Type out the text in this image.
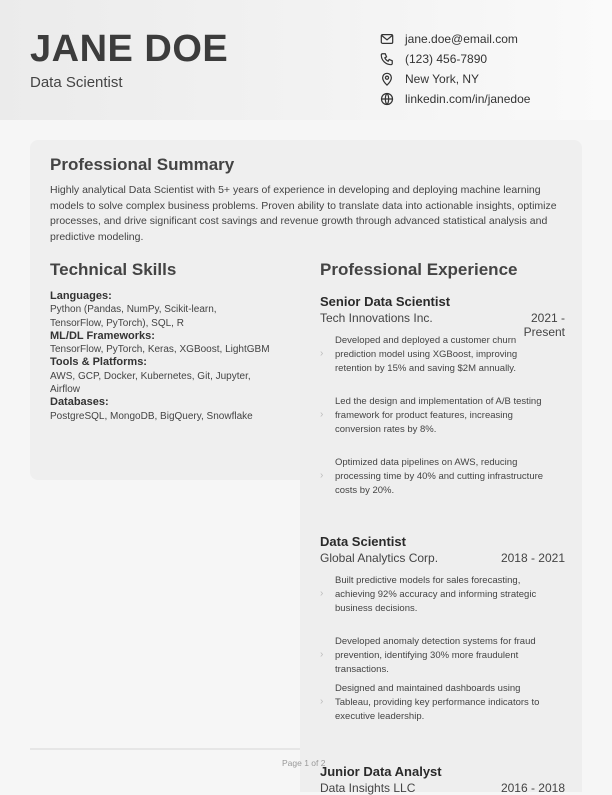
JANE DOE
Data Scientist
jane.doe@email.com
(123) 456-7890
New York, NY
linkedin.com/in/janedoe
Professional Summary
Highly analytical Data Scientist with 5+ years of experience in developing and deploying machine learning models to solve complex business problems. Proven ability to translate data into actionable insights, optimize processes, and drive significant cost savings and revenue growth through advanced statistical analysis and predictive modeling.
Technical Skills
Languages:
Python (Pandas, NumPy, Scikit-learn, TensorFlow, PyTorch), SQL, R
ML/DL Frameworks:
TensorFlow, PyTorch, Keras, XGBoost, LightGBM
Tools & Platforms:
AWS, GCP, Docker, Kubernetes, Git, Jupyter, Airflow
Databases:
PostgreSQL, MongoDB, BigQuery, Snowflake
Professional Experience
Senior Data Scientist
Tech Innovations Inc.	2021 - Present
›
Developed and deployed a customer churn prediction model using XGBoost, improving retention by 15% and saving $2M annually.
›
Led the design and implementation of A/B testing framework for product features, increasing conversion rates by 8%.
›
Optimized data pipelines on AWS, reducing processing time by 40% and cutting infrastructure costs by 20%.
Data Scientist
Global Analytics Corp.	2018 - 2021
›
Built predictive models for sales forecasting, achieving 92% accuracy and informing strategic business decisions.
›
Developed anomaly detection systems for fraud prevention, identifying 30% more fraudulent transactions.
›
Designed and maintained dashboards using Tableau, providing key performance indicators to executive leadership.
Page 1 of 2
Junior Data Analyst
Data Insights LLC	2016 - 2018
